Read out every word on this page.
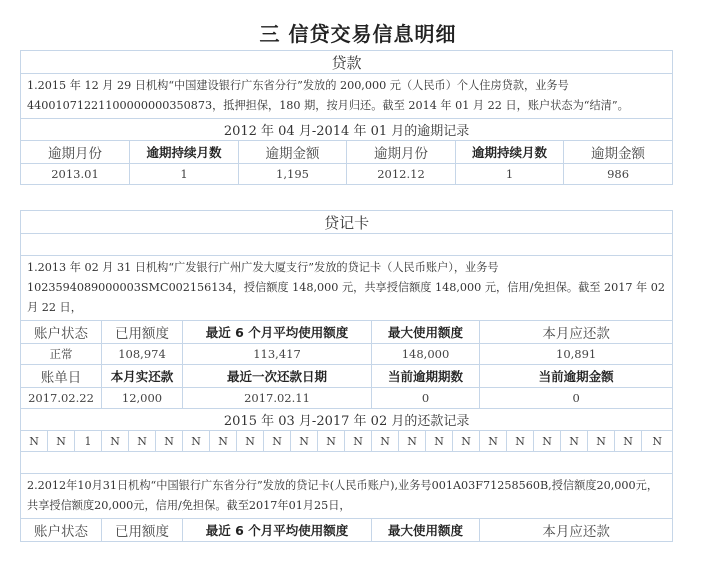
三 信贷交易信息明细
贷款					
1.2015 年 12 月 29 日机构“中国建设银行广东省分行”发放的 200,000 元（人民币）个人住房贷款，业务号 44001071221100000000350873，抵押担保，180 期，按月归还。截至 2014 年 01 月 22 日，账户状态为“结清”。					
2012 年 04 月-2014 年 01 月的逾期记录					
逾期月份	逾期持续月数	逾期金额	逾期月份	逾期持续月数	逾期金额
2013.01	1	1,195	2012.12	1	986
贷记卡																							

1.2013 年 02 月 31 日机构“广发银行广州广发大厦支行”发放的贷记卡（人民币账户），业务号 1023594089000003SMC002156134，授信额度 148,000 元，共享授信额度 148,000 元，信用/免担保。截至 2017 年 02 月 22 日，																							
账户状态			已用额度			最近 6 个月平均使用额度							最大使用额度				本月应还款						
正常			108,974			113,417							148,000				10,891						
账单日			本月实还款			最近一次还款日期							当前逾期期数				当前逾期金额						
2017.02.22			12,000			2017.02.11							0				0						
2015 年 03 月-2017 年 02 月的还款记录																							
N	N	1	N	N	N	N	N	N	N	N	N	N	N	N	N	N	N	N	N	N	N	N	N

2.2012年10月31日机构“中国银行广东省分行”发放的贷记卡(人民币账户),业务号001A03F71258560B,授信额度20,000元，共享授信额度20,000元，信用/免担保。截至2017年01月25日，																							
账户状态			已用额度			最近 6 个月平均使用额度							最大使用额度				本月应还款						
